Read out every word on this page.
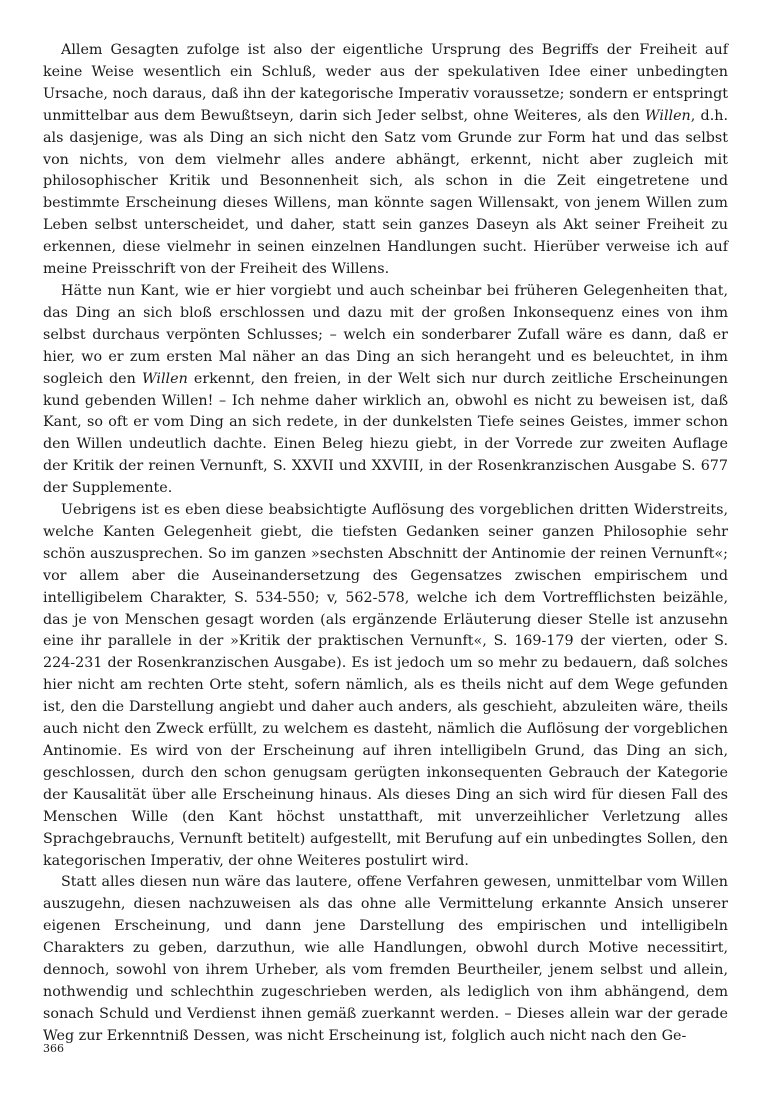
Allem Gesagten zufolge ist also der eigentliche Ursprung des Begriffs der Freiheit auf keine Weise wesentlich ein Schluß, weder aus der spekulativen Idee einer unbedingten Ursache, noch daraus, daß ihn der kategorische Imperativ voraussetze; sondern er entspringt unmittelbar aus dem Bewußtseyn, darin sich Jeder selbst, ohne Weiteres, als den Willen, d.h. als dasjenige, was als Ding an sich nicht den Satz vom Grunde zur Form hat und das selbst von nichts, von dem vielmehr alles andere abhängt, erkennt, nicht aber zugleich mit philosophischer Kritik und Besonnenheit sich, als schon in die Zeit eingetretene und bestimmte Erscheinung dieses Willens, man könnte sagen Willensakt, von jenem Willen zum Leben selbst unterscheidet, und daher, statt sein ganzes Daseyn als Akt seiner Freiheit zu erkennen, diese vielmehr in seinen einzelnen Handlungen sucht. Hierüber verweise ich auf meine Preisschrift von der Freiheit des Willens.

Hätte nun Kant, wie er hier vorgiebt und auch scheinbar bei früheren Gelegenheiten that, das Ding an sich bloß erschlossen und dazu mit der großen Inkonsequenz eines von ihm selbst durchaus verpönten Schlusses; – welch ein sonderbarer Zufall wäre es dann, daß er hier, wo er zum ersten Mal näher an das Ding an sich herangeht und es beleuchtet, in ihm sogleich den Willen erkennt, den freien, in der Welt sich nur durch zeitliche Erscheinungen kund gebenden Willen! – Ich nehme daher wirklich an, obwohl es nicht zu beweisen ist, daß Kant, so oft er vom Ding an sich redete, in der dunkelsten Tiefe seines Geistes, immer schon den Willen undeutlich dachte. Einen Beleg hiezu giebt, in der Vorrede zur zweiten Auflage der Kritik der reinen Vernunft, S. XXVII und XXVIII, in der Rosenkranzischen Ausgabe S. 677 der Supplemente.

Uebrigens ist es eben diese beabsichtigte Auflösung des vorgeblichen dritten Widerstreits, welche Kanten Gelegenheit giebt, die tiefsten Gedanken seiner ganzen Philosophie sehr schön auszusprechen. So im ganzen »sechsten Abschnitt der Antinomie der reinen Vernunft«; vor allem aber die Auseinandersetzung des Gegensatzes zwischen empirischem und intelligibelem Charakter, S. 534-550; v, 562-578, welche ich dem Vortrefflichsten beizähle, das je von Menschen gesagt worden (als ergänzende Erläuterung dieser Stelle ist anzusehn eine ihr parallele in der »Kritik der praktischen Vernunft«, S. 169-179 der vierten, oder S. 224-231 der Rosenkranzischen Ausgabe). Es ist jedoch um so mehr zu bedauern, daß solches hier nicht am rechten Orte steht, sofern nämlich, als es theils nicht auf dem Wege gefunden ist, den die Darstellung angiebt und daher auch anders, als geschieht, abzuleiten wäre, theils auch nicht den Zweck erfüllt, zu welchem es dasteht, nämlich die Auflösung der vorgeblichen Antinomie. Es wird von der Erscheinung auf ihren intelligibeln Grund, das Ding an sich, geschlossen, durch den schon genugsam gerügten inkonsequenten Gebrauch der Kategorie der Kausalität über alle Erscheinung hinaus. Als dieses Ding an sich wird für diesen Fall des Menschen Wille (den Kant höchst unstatthaft, mit unverzeihlicher Verletzung alles Sprachgebrauchs, Vernunft betitelt) aufgestellt, mit Berufung auf ein unbedingtes Sollen, den kategorischen Imperativ, der ohne Weiteres postulirt wird.

Statt alles diesen nun wäre das lautere, offene Verfahren gewesen, unmittelbar vom Willen auszugehn, diesen nachzuweisen als das ohne alle Vermittelung erkannte Ansich unserer eigenen Erscheinung, und dann jene Darstellung des empirischen und intelligibeln Charakters zu geben, darzuthun, wie alle Handlungen, obwohl durch Motive necessitirt, dennoch, sowohl von ihrem Urheber, als vom fremden Beurtheiler, jenem selbst und allein, nothwendig und schlechthin zugeschrieben werden, als lediglich von ihm abhängend, dem sonach Schuld und Verdienst ihnen gemäß zuerkannt werden. – Dieses allein war der gerade Weg zur Erkenntniß Dessen, was nicht Erscheinung ist, folglich auch nicht nach den Ge-

366
